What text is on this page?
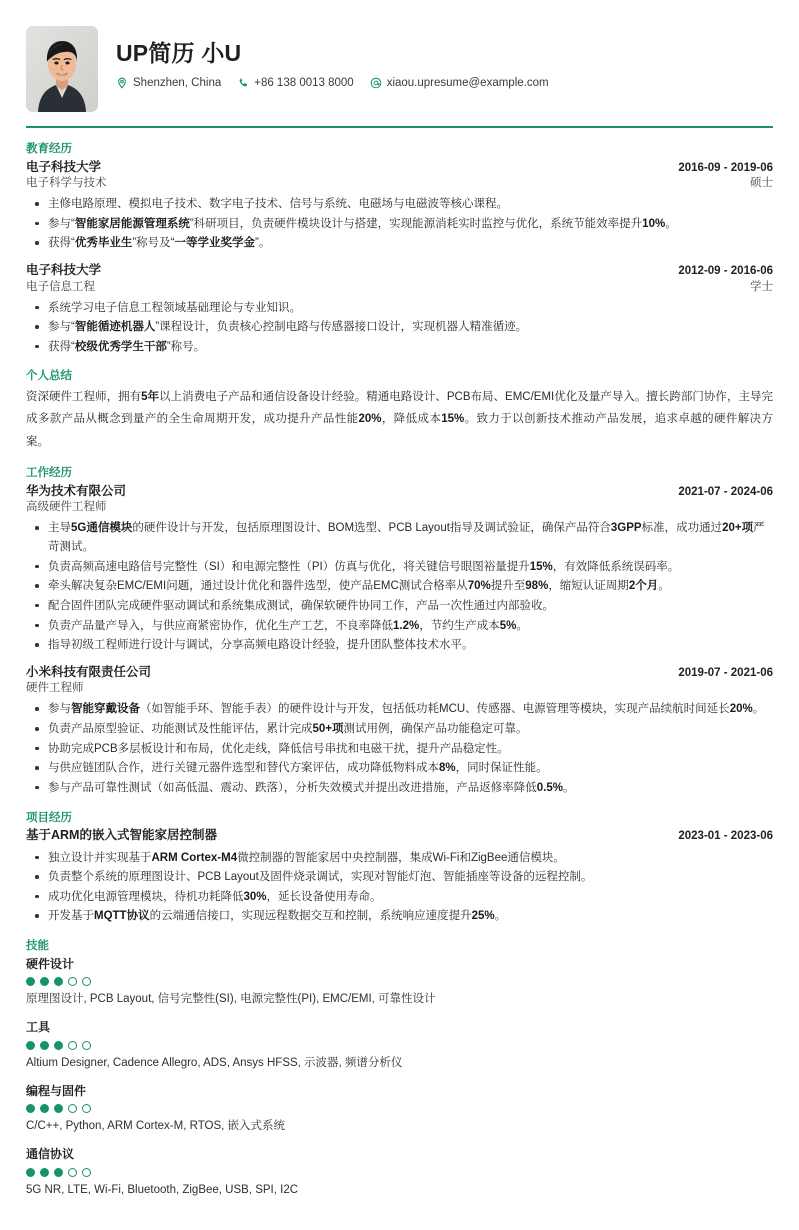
UP简历 小U
Shenzhen, China	+86 138 0013 8000	xiaou.upresume@example.com
教育经历
电子科技大学	2016-09 - 2019-06
电子科学与技术	硕士
主修电路原理、模拟电子技术、数字电子技术、信号与系统、电磁场与电磁波等核心课程。
参与“智能家居能源管理系统”科研项目，负责硬件模块设计与搭建，实现能源消耗实时监控与优化，系统节能效率提升10%。
获得“优秀毕业生”称号及“一等学业奖学金”。
电子科技大学	2012-09 - 2016-06
电子信息工程	学士
系统学习电子信息工程领域基础理论与专业知识。
参与“智能循迹机器人”课程设计，负责核心控制电路与传感器接口设计，实现机器人精准循迹。
获得“校级优秀学生干部”称号。
个人总结
资深硬件工程师，拥有5年以上消费电子产品和通信设备设计经验。精通电路设计、PCB布局、EMC/EMI优化及量产导入。擅长跨部门协作，主导完成多款产品从概念到量产的全生命周期开发，成功提升产品性能20%，降低成本15%。致力于以创新技术推动产品发展，追求卓越的硬件解决方案。
工作经历
华为技术有限公司	2021-07 - 2024-06
高级硬件工程师
主导5G通信模块的硬件设计与开发，包括原理图设计、BOM选型、PCB Layout指导及调试验证，确保产品符合3GPP标准，成功通过20+项严苛测试。
负责高频高速电路信号完整性（SI）和电源完整性（PI）仿真与优化，将关键信号眼图裕量提升15%，有效降低系统误码率。
牵头解决复杂EMC/EMI问题，通过设计优化和器件选型，使产品EMC测试合格率从70%提升至98%，缩短认证周期2个月。
配合固件团队完成硬件驱动调试和系统集成测试，确保软硬件协同工作，产品一次性通过内部验收。
负责产品量产导入，与供应商紧密协作，优化生产工艺，不良率降低1.2%，节约生产成本5%。
指导初级工程师进行设计与调试，分享高频电路设计经验，提升团队整体技术水平。
小米科技有限责任公司	2019-07 - 2021-06
硬件工程师
参与智能穿戴设备（如智能手环、智能手表）的硬件设计与开发，包括低功耗MCU、传感器、电源管理等模块，实现产品续航时间延长20%。
负责产品原型验证、功能测试及性能评估，累计完成50+项测试用例，确保产品功能稳定可靠。
协助完成PCB多层板设计和布局，优化走线，降低信号串扰和电磁干扰，提升产品稳定性。
与供应链团队合作，进行关键元器件选型和替代方案评估，成功降低物料成本8%，同时保证性能。
参与产品可靠性测试（如高低温、震动、跌落），分析失效模式并提出改进措施，产品返修率降低0.5%。
项目经历
基于ARM的嵌入式智能家居控制器	2023-01 - 2023-06
独立设计并实现基于ARM Cortex-M4微控制器的智能家居中央控制器，集成Wi-Fi和ZigBee通信模块。
负责整个系统的原理图设计、PCB Layout及固件烧录调试，实现对智能灯泡、智能插座等设备的远程控制。
成功优化电源管理模块，待机功耗降低30%，延长设备使用寿命。
开发基于MQTT协议的云端通信接口，实现远程数据交互和控制，系统响应速度提升25%。
技能
硬件设计
原理图设计, PCB Layout, 信号完整性(SI), 电源完整性(PI), EMC/EMI, 可靠性设计
工具
Altium Designer, Cadence Allegro, ADS, Ansys HFSS, 示波器, 频谱分析仪
编程与固件
C/C++, Python, ARM Cortex-M, RTOS, 嵌入式系统
通信协议
5G NR, LTE, Wi-Fi, Bluetooth, ZigBee, USB, SPI, I2C
